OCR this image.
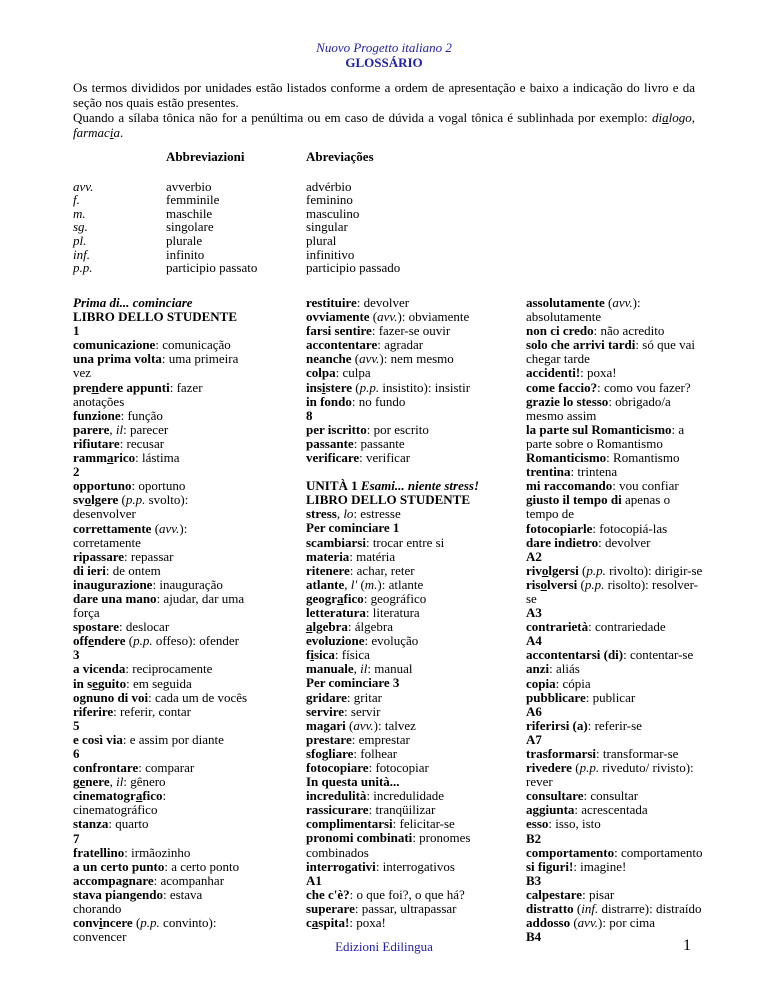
Nuovo Progetto italiano 2
GLOSSÁRIO
Os termos divididos por unidades estão listados conforme a ordem de apresentação e baixo a indicação do livro e da seção nos quais estão presentes.
Quando a sílaba tônica não for a penúltima ou em caso de dúvida a vogal tônica é sublinhada por exemplo: dialogo, farmacia.
Abbreviazioni	Abreviações
avv.	avverbio	advérbio
f.	femminile	feminino
m.	maschile	masculino
sg.	singolare	singular
pl.	plurale	plural
inf.	infinito	infinitivo
p.p.	participio passato	participio passado
Prima di... cominciare
LIBRO DELLO STUDENTE
1
comunicazione: comunicação
una prima volta: uma primeira
vez
prendere appunti: fazer
anotações
funzione: função
parere, il: parecer
rifiutare: recusar
rammarico: lástima
2
opportuno: oportuno
svolgere (p.p. svolto):
desenvolver
correttamente (avv.):
corretamente
ripassare: repassar
di ieri: de ontem
inaugurazione: inauguração
dare una mano: ajudar, dar uma
força
spostare: deslocar
offendere (p.p. offeso): ofender
3
a vicenda: reciprocamente
in seguito: em seguida
ognuno di voi: cada um de vocês
riferire: referir, contar
5
e così via: e assim por diante
6
confrontare: comparar
genere, il: gênero
cinematografico:
cinematográfico
stanza: quarto
7
fratellino: irmãozinho
a un certo punto: a certo ponto
accompagnare: acompanhar
stava piangendo: estava
chorando
convincere (p.p. convinto):
convencer
restituire: devolver
ovviamente (avv.): obviamente
farsi sentire: fazer-se ouvir
accontentare: agradar
neanche (avv.): nem mesmo
colpa: culpa
insistere (p.p. insistito): insistir
in fondo: no fundo
8
per iscritto: por escrito
passante: passante
verificare: verificar
UNITÀ 1 Esami... niente stress!
LIBRO DELLO STUDENTE
stress, lo: estresse
Per cominciare 1
scambiarsi: trocar entre si
materia: matéria
ritenere: achar, reter
atlante, l' (m.): atlante
geografico: geográfico
letteratura: literatura
algebra: álgebra
evoluzione: evolução
fisica: física
manuale, il: manual
Per cominciare 3
gridare: gritar
servire: servir
magari (avv.): talvez
prestare: emprestar
sfogliare: folhear
fotocopiare: fotocopiar
In questa unità...
incredulità: incredulidade
rassicurare: tranqüilizar
complimentarsi: felicitar-se
pronomi combinati: pronomes
combinados
interrogativi: interrogativos
A1
che c'è?: o que foi?, o que há?
superare: passar, ultrapassar
caspita!: poxa!
assolutamente (avv.):
absolutamente
non ci credo: não acredito
solo che arrivi tardi: só que vai
chegar tarde
accidenti!: poxa!
come faccio?: como vou fazer?
grazie lo stesso: obrigado/a
mesmo assim
la parte sul Romanticismo: a
parte sobre o Romantismo
Romanticismo: Romantismo
trentina: trintena
mi raccomando: vou confiar
giusto il tempo di apenas o
tempo de
fotocopiarle: fotocopiá-las
dare indietro: devolver
A2
rivolgersi (p.p. rivolto): dirigir-se
risolversi (p.p. risolto): resolver-
se
A3
contrarietà: contrariedade
A4
accontentarsi (di): contentar-se
anzi: aliás
copia: cópia
pubblicare: publicar
A6
riferirsi (a): referir-se
A7
trasformarsi: transformar-se
rivedere (p.p. riveduto/ rivisto):
rever
consultare: consultar
aggiunta: acrescentada
esso: isso, isto
B2
comportamento: comportamento
si figuri!: imagine!
B3
calpestare: pisar
distratto (inf. distrarre): distraído
addosso (avv.): por cima
B4
Edizioni Edilingua	1
